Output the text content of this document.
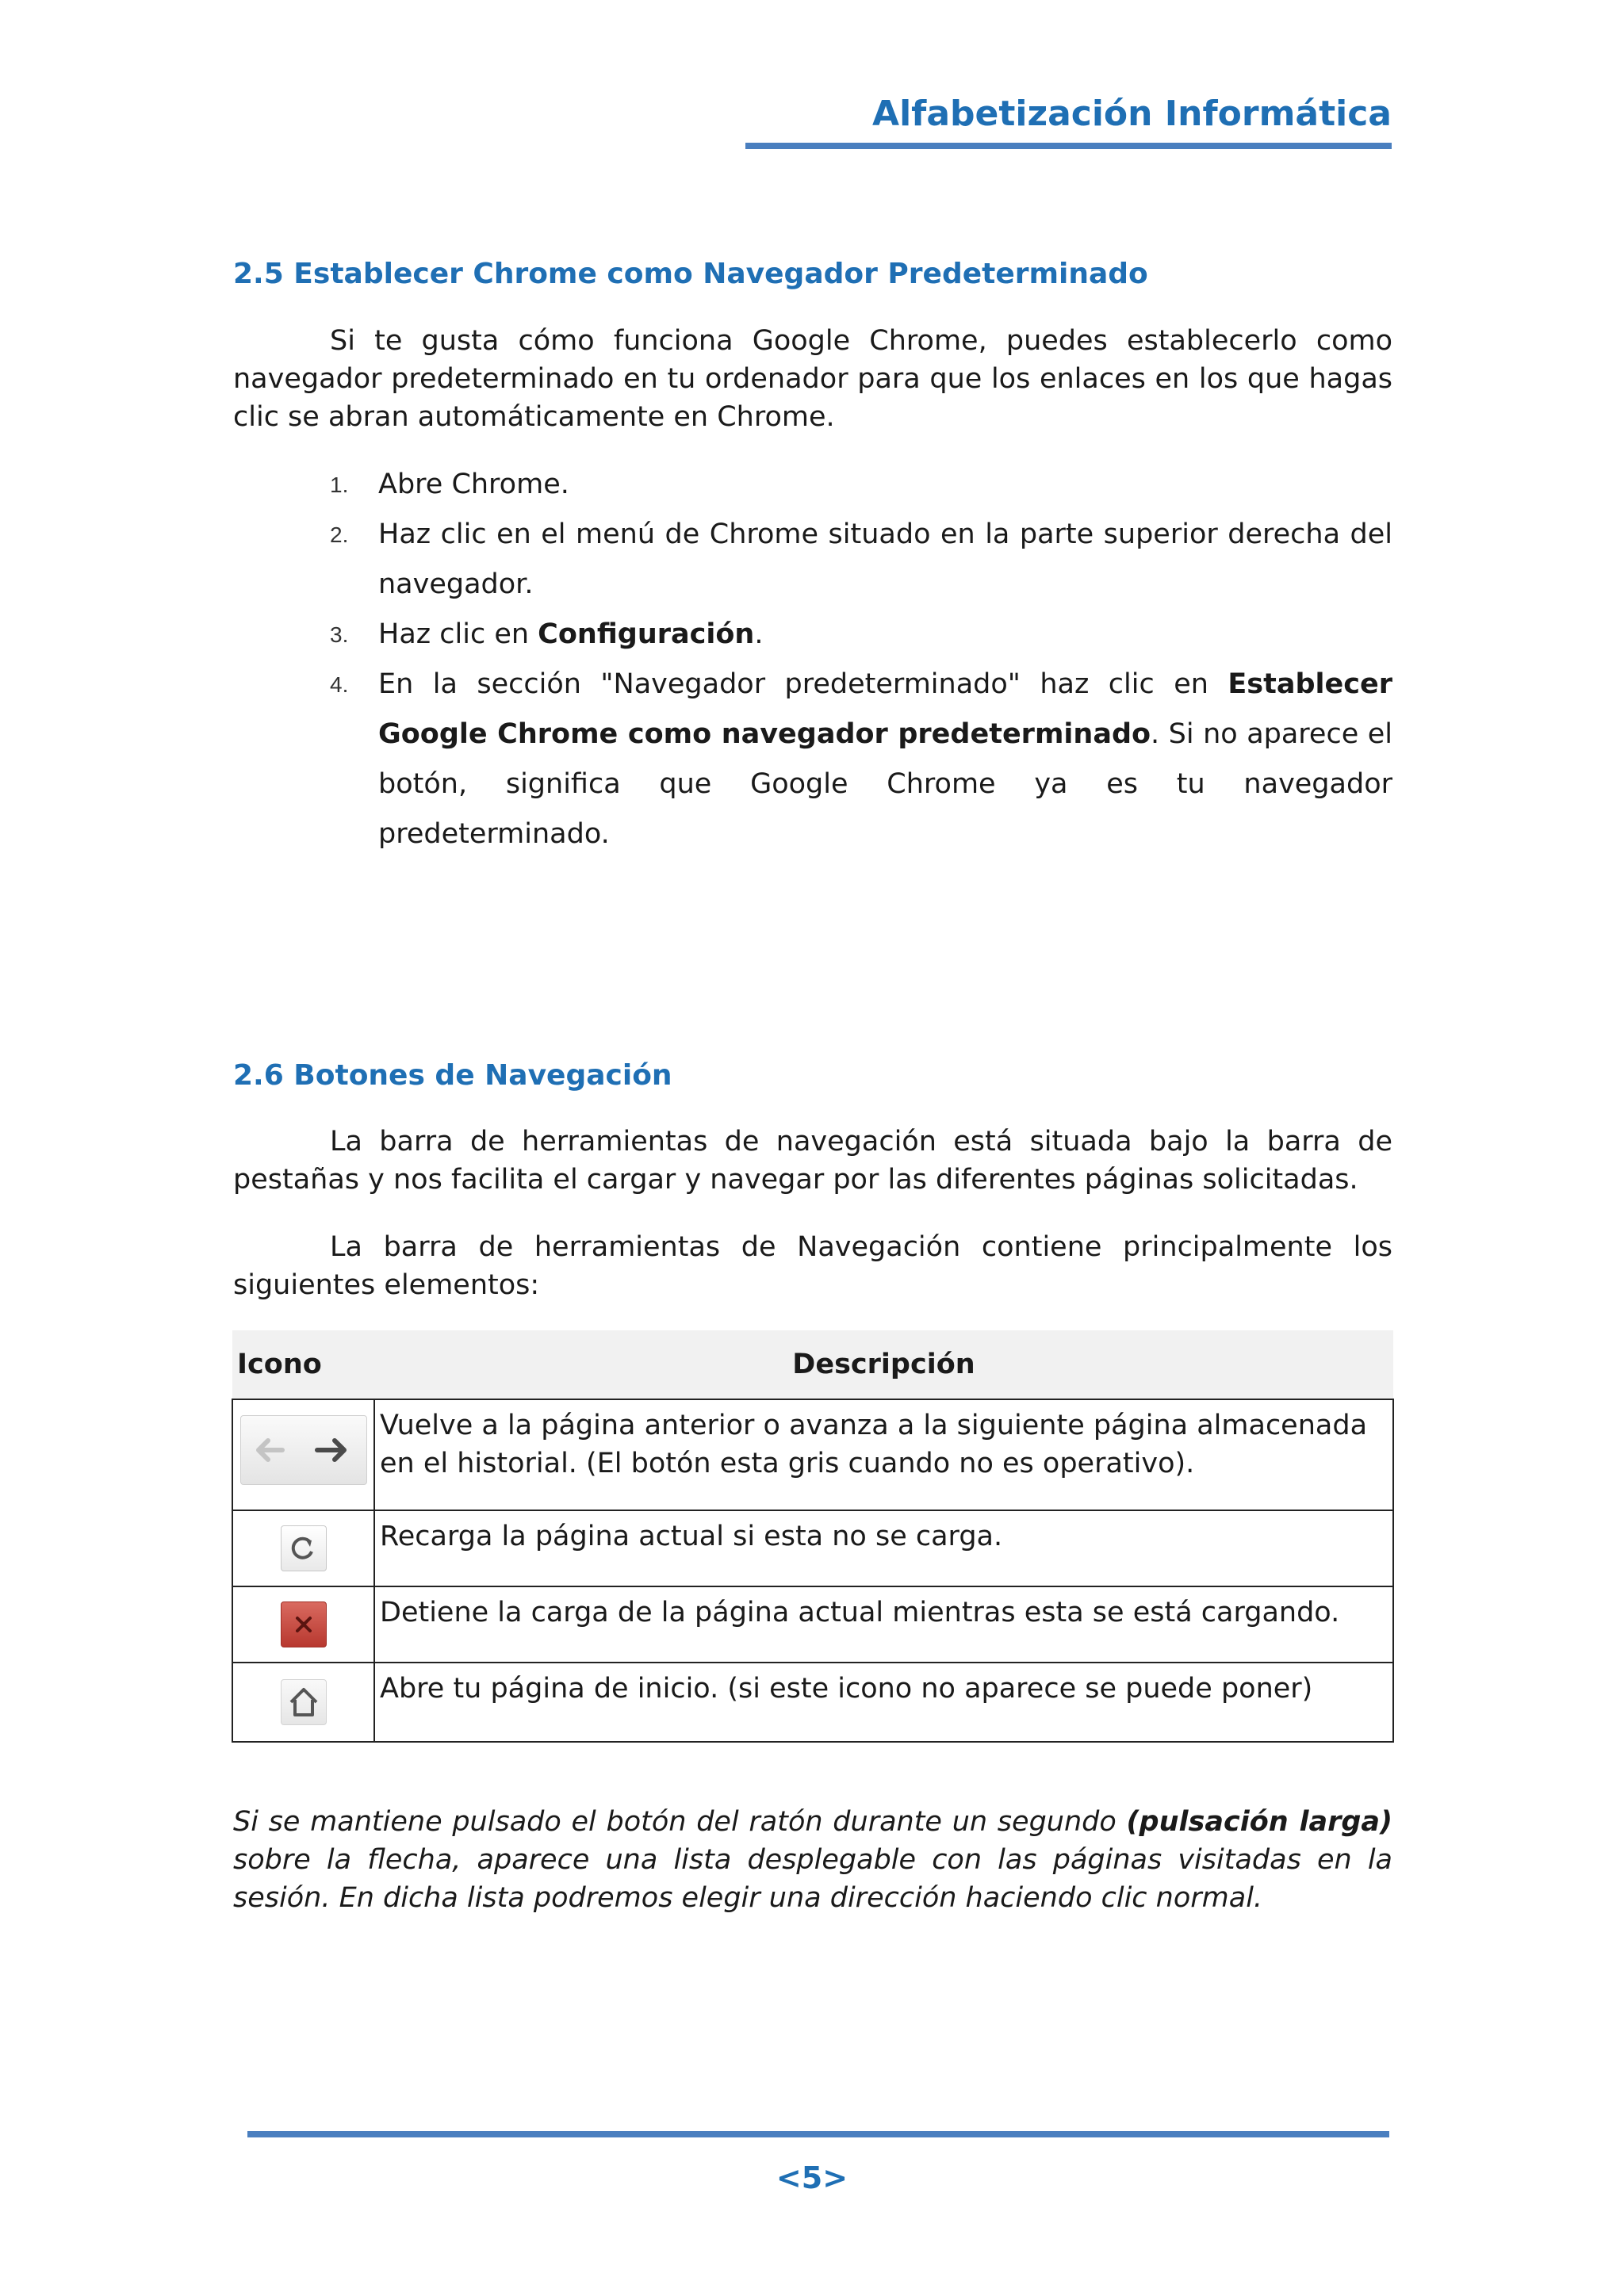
Alfabetización Informática
2.5 Establecer Chrome como Navegador Predeterminado

Si te gusta cómo funciona Google Chrome, puedes establecerlo como navegador predeterminado en tu ordenador para que los enlaces en los que hagas clic se abran automáticamente en Chrome.

1. Abre Chrome.
2. Haz clic en el menú de Chrome situado en la parte superior derecha del navegador.
3. Haz clic en Configuración.
4. En la sección "Navegador predeterminado" haz clic en Establecer Google Chrome como navegador predeterminado. Si no aparece el botón, significa que Google Chrome ya es tu navegador predeterminado.
2.6 Botones de Navegación

La barra de herramientas de navegación está situada bajo la barra de pestañas y nos facilita el cargar y navegar por las diferentes páginas solicitadas.

La barra de herramientas de Navegación contiene principalmente los siguientes elementos:

Icono	Descripción

	Vuelve a la página anterior o avanza a la siguiente página almacenada en el historial. (El botón esta gris cuando no es operativo).
	Recarga la página actual si esta no se carga.
	Detiene la carga de la página actual mientras esta se está cargando.
	Abre tu página de inicio. (si este icono no aparece se puede poner)

Si se mantiene pulsado el botón del ratón durante un segundo (pulsación larga) sobre la flecha, aparece una lista desplegable con las páginas visitadas en la sesión. En dicha lista podremos elegir una dirección haciendo clic normal.

<5>
